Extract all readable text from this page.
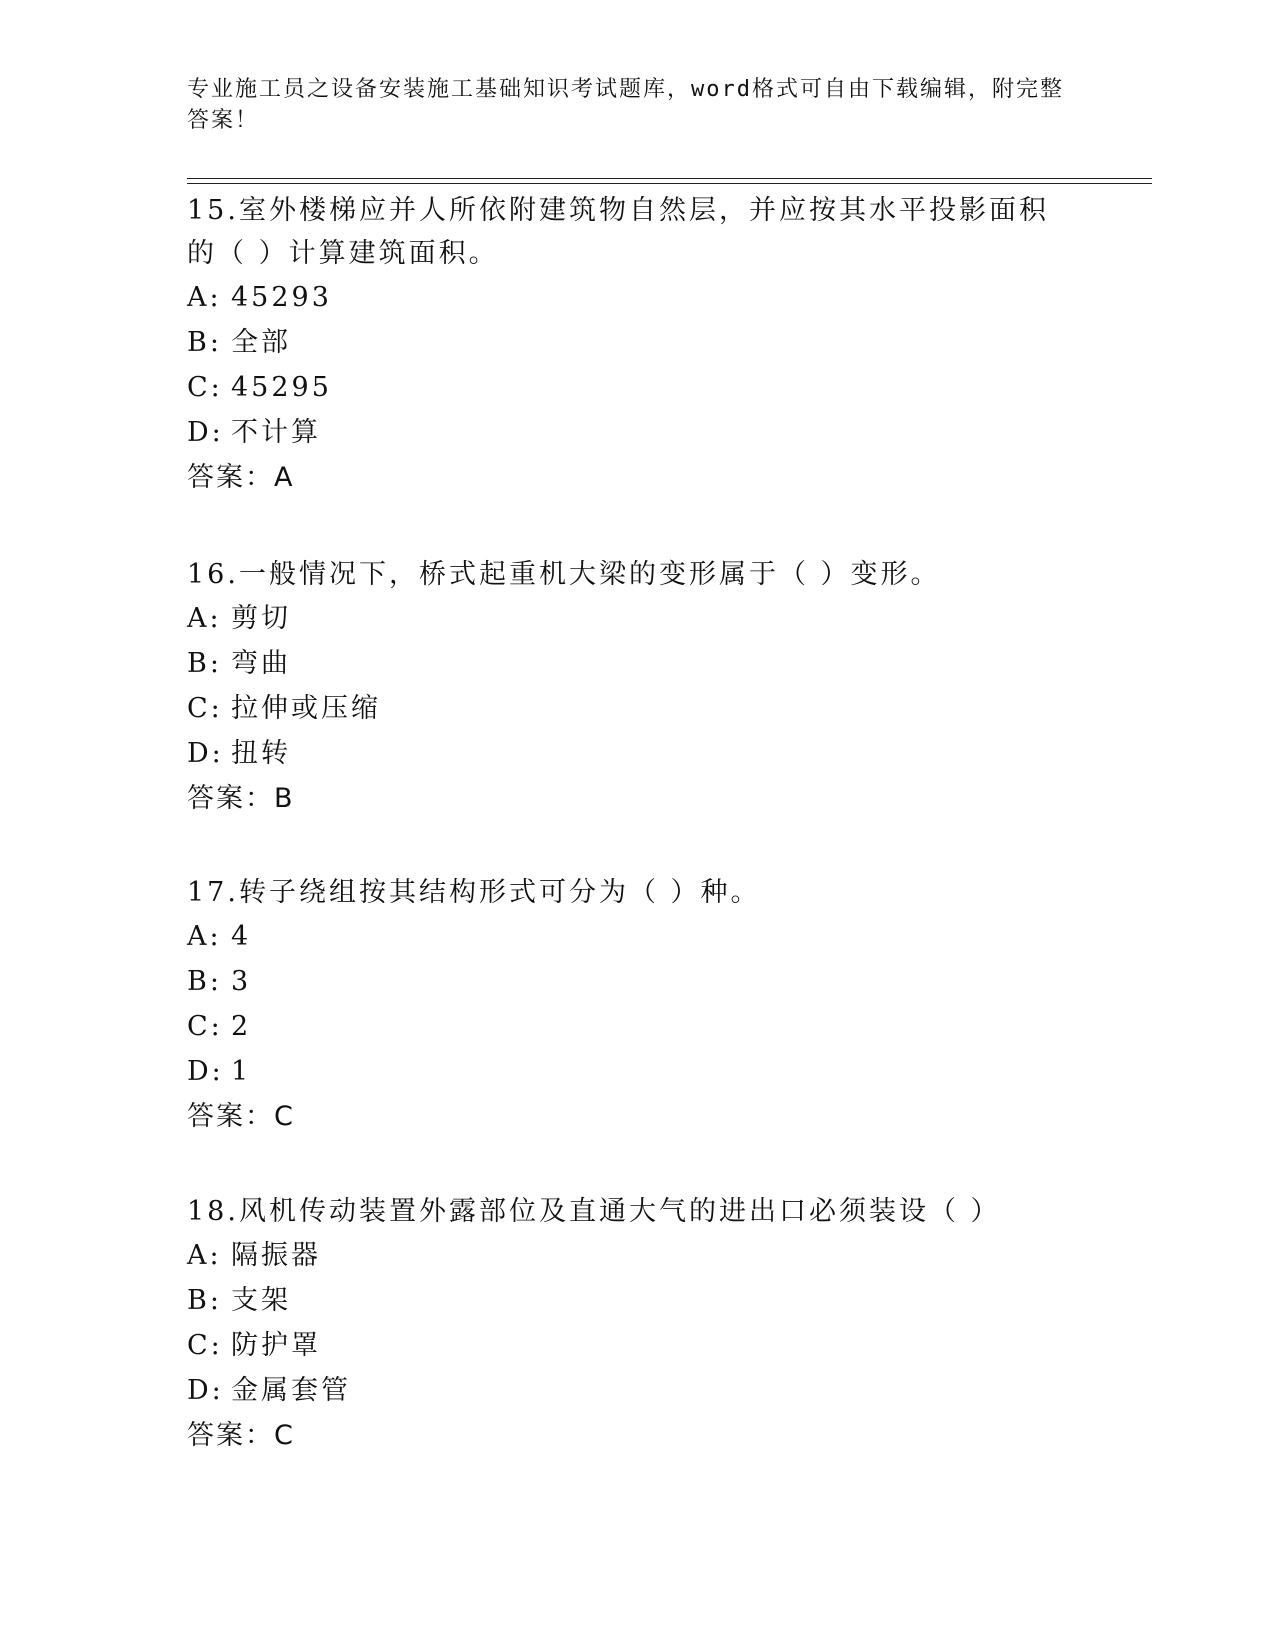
专业施工员之设备安装施工基础知识考试题库，word格式可自由下载编辑，附完整答案！

15.室外楼梯应并人所依附建筑物自然层，并应按其水平投影面积的（ ）计算建筑面积。

A: 45293
B: 全部
C: 45295
D: 不计算
答案：A

16.一般情况下，桥式起重机大梁的变形属于（ ）变形。

A: 剪切
B: 弯曲
C: 拉伸或压缩
D: 扭转
答案：B

17.转子绕组按其结构形式可分为（ ）种。

A: 4
B: 3
C: 2
D: 1
答案：C

18.风机传动装置外露部位及直通大气的进出口必须装设（ ）

A: 隔振器
B: 支架
C: 防护罩
D: 金属套管
答案：C
